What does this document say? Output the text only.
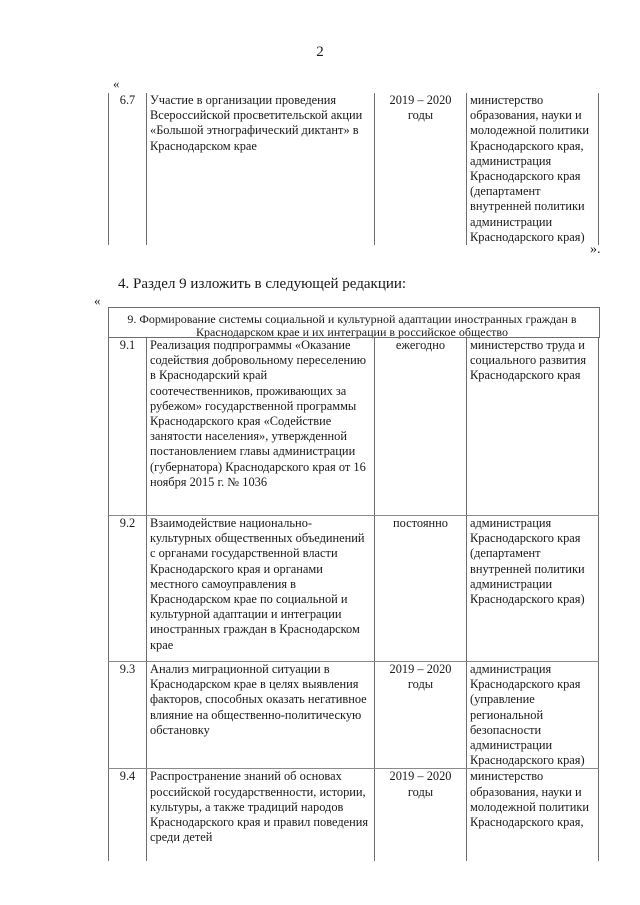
2
«
6.7	Участие в организации проведения Всероссийской просветительской акции «Большой этнографический диктант» в Краснодарском крае	2019 – 2020 годы	министерство образования, науки и молодежной политики Краснодарского края, администрация Краснодарского края (департамент внутренней политики администрации Краснодарского края)
».
4. Раздел 9 изложить в следующей редакции:
«
9. Формирование системы социальной и культурной адаптации иностранных граждан в Краснодарском крае и их интеграции в российское общество
9.1	Реализация подпрограммы «Оказание содействия добровольному переселению в Краснодарский край соотечественников, проживающих за рубежом» государственной программы Краснодарского края «Содействие занятости населения», утвержденной постановлением главы администрации (губернатора) Краснодарского края от 16 ноября 2015 г. № 1036	ежегодно	министерство труда и социального развития Краснодарского края
9.2	Взаимодействие национально-культурных общественных объединений с органами государственной власти Краснодарского края и органами местного самоуправления в Краснодарском крае по социальной и культурной адаптации и интеграции иностранных граждан в Краснодарском крае	постоянно	администрация Краснодарского края (департамент внутренней политики администрации Краснодарского края)
9.3	Анализ миграционной ситуации в Краснодарском крае в целях выявления факторов, способных оказать негативное влияние на общественно-политическую обстановку	2019 – 2020 годы	администрация Краснодарского края (управление региональной безопасности администрации Краснодарского края)
9.4	Распространение знаний об основах российской государственности, истории, культуры, а также традиций народов Краснодарского края и правил поведения среди детей	2019 – 2020 годы	министерство образования, науки и молодежной политики Краснодарского края,
